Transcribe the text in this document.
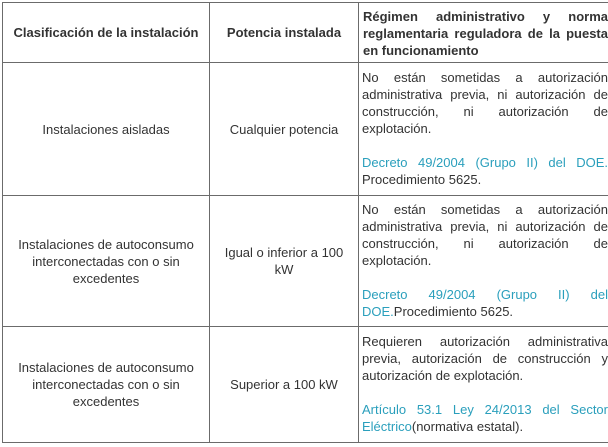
Clasificación de la instalación	Potencia instalada	Régimen administrativo y norma reglamentaria reguladora de la puesta en funcionamiento
Instalaciones aisladas	Cualquier potencia	No están sometidas a autorización administrativa previa, ni autorización de construcción, ni autorización de explotación.

Decreto 49/2004 (Grupo II) del DOE. Procedimiento 5625.

Instalaciones de autoconsumo interconectadas con o sin excedentes	Igual o inferior a 100 kW	No están sometidas a autorización administrativa previa, ni autorización de construcción, ni autorización de explotación.

Decreto 49/2004 (Grupo II) del DOE.Procedimiento 5625.

Instalaciones de autoconsumo interconectadas con o sin excedentes	Superior a 100 kW	Requieren autorización administrativa previa, autorización de construcción y autorización de explotación.

Artículo 53.1 Ley 24/2013 del Sector Eléctrico(normativa estatal).
